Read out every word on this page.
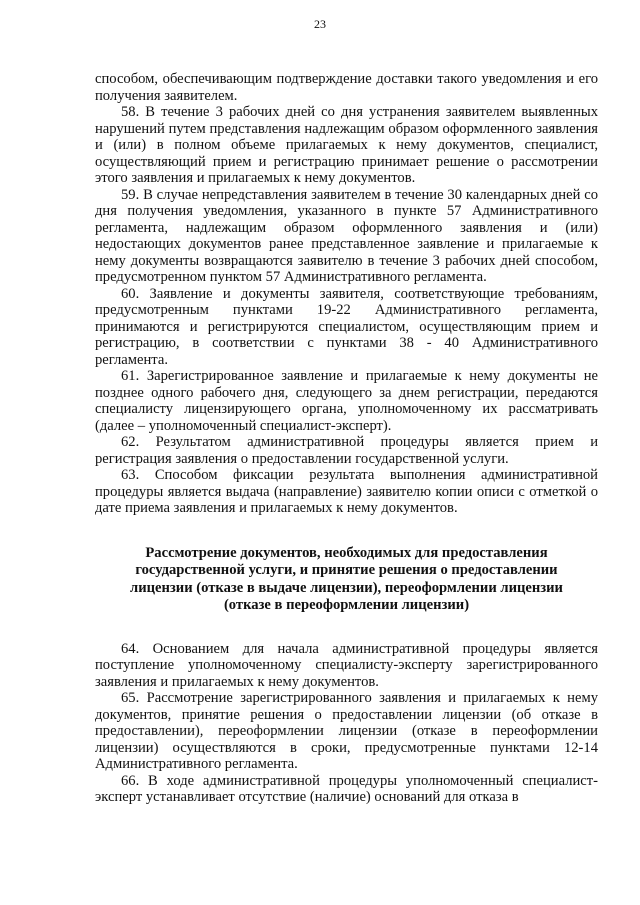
23

способом, обеспечивающим подтверждение доставки такого уведомления и его получения заявителем.

58. В течение 3 рабочих дней со дня устранения заявителем выявленных нарушений путем представления надлежащим образом оформленного заявления и (или) в полном объеме прилагаемых к нему документов, специалист, осуществляющий прием и регистрацию принимает решение о рассмотрении этого заявления и прилагаемых к нему документов.

59. В случае непредставления заявителем в течение 30 календарных дней со дня получения уведомления, указанного в пункте 57 Административного регламента, надлежащим образом оформленного заявления и (или) недостающих документов ранее представленное заявление и прилагаемые к нему документы возвращаются заявителю в течение 3 рабочих дней способом, предусмотренном пунктом 57 Административного регламента.

60. Заявление и документы заявителя, соответствующие требованиям, предусмотренным пунктами 19-22 Административного регламента, принимаются и регистрируются специалистом, осуществляющим прием и регистрацию, в соответствии с пунктами 38 - 40 Административного регламента.

61. Зарегистрированное заявление и прилагаемые к нему документы не позднее одного рабочего дня, следующего за днем регистрации, передаются специалисту лицензирующего органа, уполномоченному их рассматривать (далее – уполномоченный специалист-эксперт).

62. Результатом административной процедуры является прием и регистрация заявления о предоставлении государственной услуги.

63. Способом фиксации результата выполнения административной процедуры является выдача (направление) заявителю копии описи с отметкой о дате приема заявления и прилагаемых к нему документов.

Рассмотрение документов, необходимых для предоставления
государственной услуги, и принятие решения о предоставлении
лицензии (отказе в выдаче лицензии), переоформлении лицензии
(отказе в переоформлении лицензии)

64. Основанием для начала административной процедуры является поступление уполномоченному специалисту-эксперту зарегистрированного заявления и прилагаемых к нему документов.

65. Рассмотрение зарегистрированного заявления и прилагаемых к нему документов, принятие решения о предоставлении лицензии (об отказе в предоставлении), переоформлении лицензии (отказе в переоформлении лицензии) осуществляются в сроки, предусмотренные пунктами 12-14 Административного регламента.

66. В ходе административной процедуры уполномоченный специалист-эксперт устанавливает отсутствие (наличие) оснований для отказа в
